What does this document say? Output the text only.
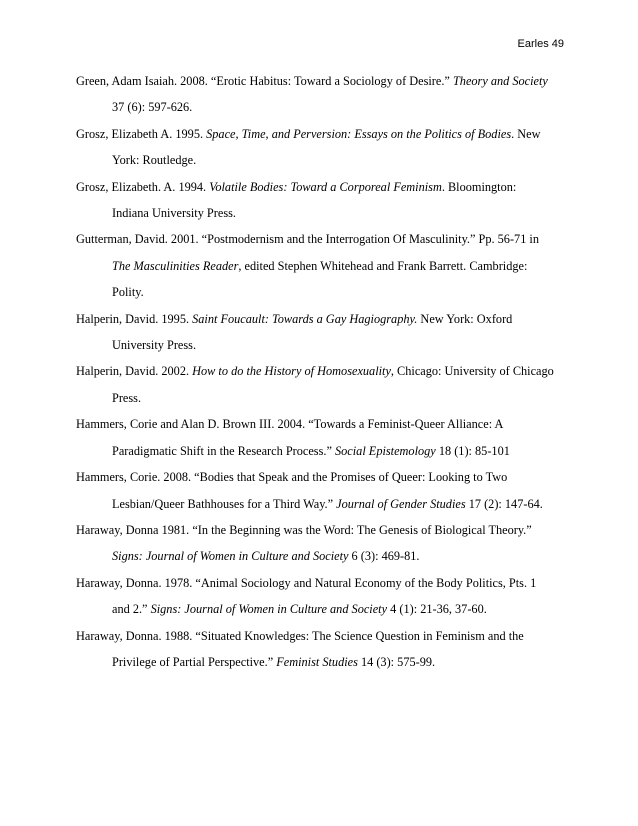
Earles 49
Green, Adam Isaiah. 2008. “Erotic Habitus: Toward a Sociology of Desire.” Theory and Society
37 (6): 597-626.
Grosz, Elizabeth A. 1995. Space, Time, and Perversion: Essays on the Politics of Bodies. New
York: Routledge.
Grosz, Elizabeth. A. 1994. Volatile Bodies: Toward a Corporeal Feminism. Bloomington:
Indiana University Press.
Gutterman, David. 2001. “Postmodernism and the Interrogation Of Masculinity.” Pp. 56-71 in
The Masculinities Reader, edited Stephen Whitehead and Frank Barrett. Cambridge:
Polity.
Halperin, David. 1995. Saint Foucault: Towards a Gay Hagiography. New York: Oxford
University Press.
Halperin, David. 2002. How to do the History of Homosexuality, Chicago: University of Chicago
Press.
Hammers, Corie and Alan D. Brown III. 2004. “Towards a Feminist-Queer Alliance: A
Paradigmatic Shift in the Research Process.” Social Epistemology 18 (1): 85-101
Hammers, Corie. 2008. “Bodies that Speak and the Promises of Queer: Looking to Two
Lesbian/Queer Bathhouses for a Third Way.” Journal of Gender Studies 17 (2): 147-64.
Haraway, Donna 1981. “In the Beginning was the Word: The Genesis of Biological Theory.”
Signs: Journal of Women in Culture and Society 6 (3): 469-81.
Haraway, Donna. 1978. “Animal Sociology and Natural Economy of the Body Politics, Pts. 1
and 2.” Signs: Journal of Women in Culture and Society 4 (1): 21-36, 37-60.
Haraway, Donna. 1988. “Situated Knowledges: The Science Question in Feminism and the
Privilege of Partial Perspective.” Feminist Studies 14 (3): 575-99.
